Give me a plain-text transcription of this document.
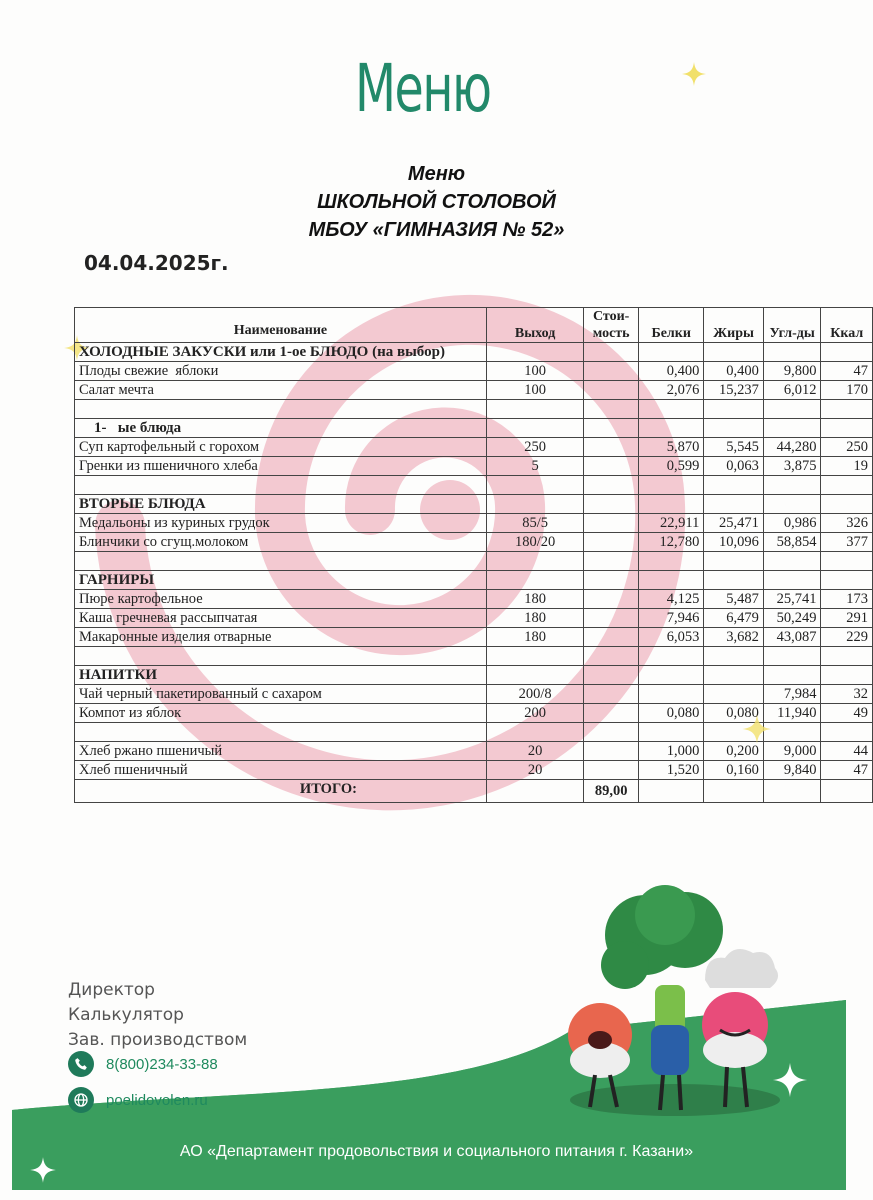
Меню
Меню
ШКОЛЬНОЙ СТОЛОВОЙ
МБОУ «ГИМНАЗИЯ № 52»
04.04.2025г.
Наименование	Выход	Стои-мость	Белки	Жиры	Угл-ды	Ккал
ХОЛОДНЫЕ ЗАКУСКИ или 1-ое БЛЮДО (на выбор)						
Плоды свежие  яблоки	100		0,400	0,400	9,800	47
Салат мечта	100		2,076	15,237	6,012	170

1-   ые блюда						
Суп картофельный с горохом	250		5,870	5,545	44,280	250
Гренки из пшеничного хлеба	5		0,599	0,063	3,875	19

ВТОРЫЕ БЛЮДА						
Медальоны из куриных грудок	85/5		22,911	25,471	0,986	326
Блинчики со сгущ.молоком	180/20		12,780	10,096	58,854	377

ГАРНИРЫ						
Пюре картофельное	180		4,125	5,487	25,741	173
Каша гречневая рассыпчатая	180		7,946	6,479	50,249	291
Макаронные изделия отварные	180		6,053	3,682	43,087	229

НАПИТКИ						
Чай черный пакетированный с сахаром	200/8				7,984	32
Компот из яблок	200		0,080	0,080	11,940	49

Хлеб ржано пшеничый	20		1,000	0,200	9,000	44
Хлеб пшеничный	20		1,520	0,160	9,840	47
ИТОГО:		89,00				
Директор
Калькулятор
Зав. производством
8(800)234-33-88
poelidovolen.ru
АО «Департамент продовольствия и социального питания г. Казани»
